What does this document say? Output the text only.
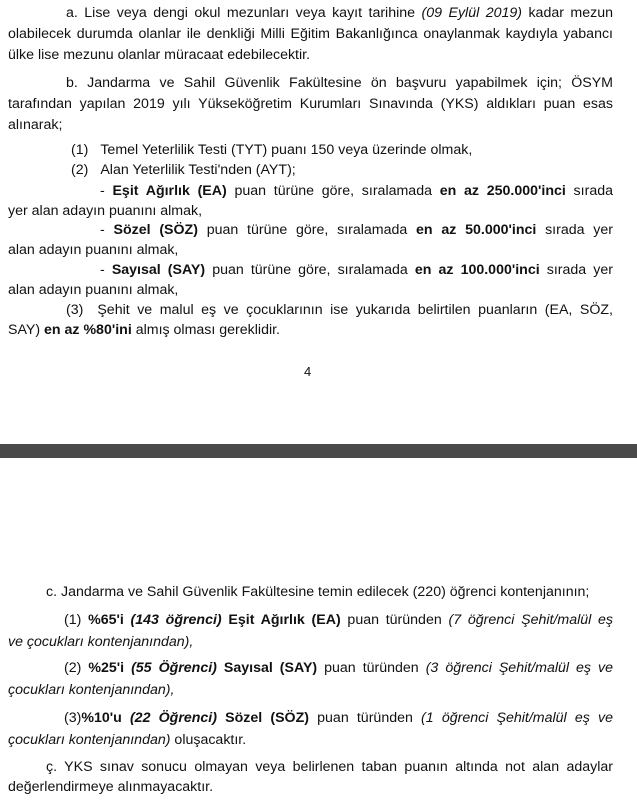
a. Lise veya dengi okul mezunları veya kayıt tarihine (09 Eylül 2019) kadar mezun olabilecek durumda olanlar ile denkliği Milli Eğitim Bakanlığınca onaylanmak kaydıyla yabancı ülke lise mezunu olanlar müracaat edebilecektir.

b. Jandarma ve Sahil Güvenlik Fakültesine ön başvuru yapabilmek için; ÖSYM tarafından yapılan 2019 yılı Yükseköğretim Kurumları Sınavında (YKS) aldıkları puan esas alınarak;

(1) Temel Yeterlilik Testi (TYT) puanı 150 veya üzerinde olmak,
(2) Alan Yeterlilik Testi'nden (AYT);
- Eşit Ağırlık (EA) puan türüne göre, sıralamada en az 250.000'inci sırada
yer alan adayın puanını almak,
- Sözel (SÖZ) puan türüne göre, sıralamada en az 50.000'inci sırada yer
alan adayın puanını almak,
- Sayısal (SAY) puan türüne göre, sıralamada en az 100.000'inci sırada yer
alan adayın puanını almak,
(3) Şehit ve malul eş ve çocuklarının ise yukarıda belirtilen puanların (EA, SÖZ,
SAY) en az %80'ini almış olması gereklidir.
4
c. Jandarma ve Sahil Güvenlik Fakültesine temin edilecek (220) öğrenci kontenjanının;
(1) %65'i (143 öğrenci) Eşit Ağırlık (EA) puan türünden (7 öğrenci Şehit/malül eş
ve çocukları kontenjanından),
(2) %25'i (55 Öğrenci) Sayısal (SAY) puan türünden (3 öğrenci Şehit/malül eş ve
çocukları kontenjanından),
(3)%10'u (22 Öğrenci) Sözel (SÖZ) puan türünden (1 öğrenci Şehit/malül eş ve
çocukları kontenjanından) oluşacaktır.

ç. YKS sınav sonucu olmayan veya belirlenen taban puanın altında not alan adaylar değerlendirmeye alınmayacaktır.
